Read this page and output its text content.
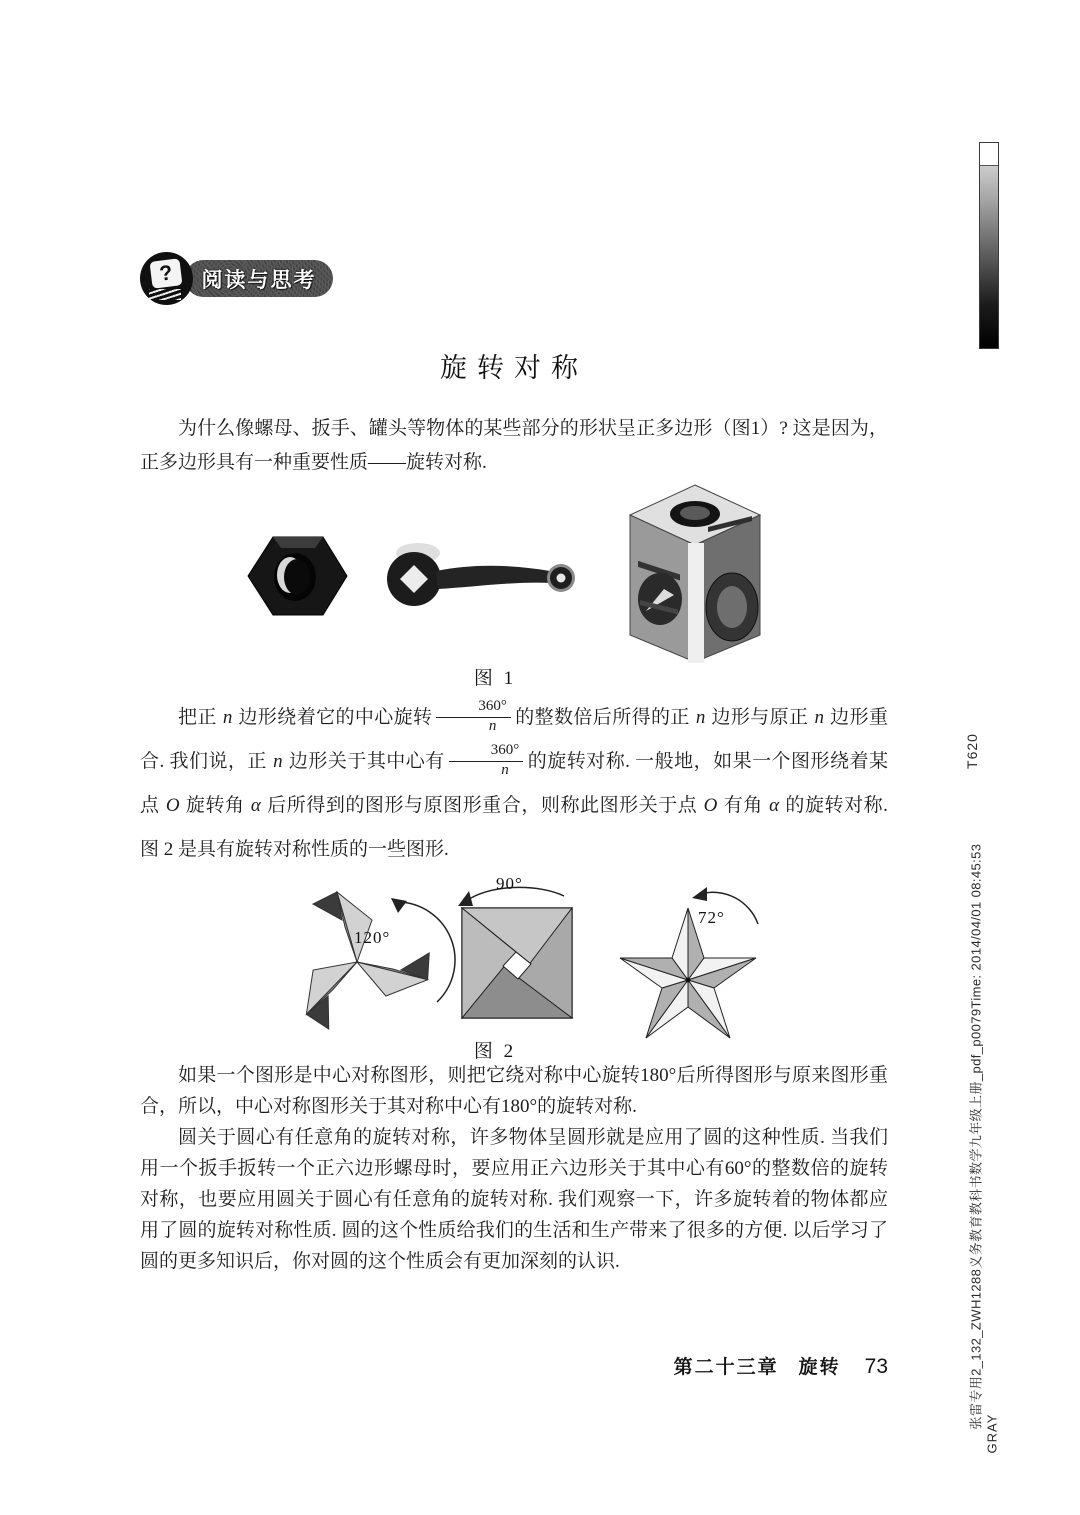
? 阅读与思考
旋转对称

为什么像螺母、扳手、罐头等物体的某些部分的形状呈正多边形（图1）? 这是因为，正多边形具有一种重要性质——旋转对称.

图 1

把正 n 边形绕着它的中心旋转 $\frac{360^\circ}{n}$ 的整数倍后所得的正 n 边形与原正 n 边形重合. 我们说，正 n 边形关于其中心有 $\frac{360^\circ}{n}$ 的旋转对称. 一般地，如果一个图形绕着某点 O 旋转角 α 后所得到的图形与原图形重合，则称此图形关于点 O 有角 α 的旋转对称. 图 2 是具有旋转对称性质的一些图形.

120°
90°
72°
图 2

如果一个图形是中心对称图形，则把它绕对称中心旋转180°后所得图形与原来图形重合，所以，中心对称图形关于其对称中心有180°的旋转对称.

圆关于圆心有任意角的旋转对称，许多物体呈圆形就是应用了圆的这种性质. 当我们用一个扳手扳转一个正六边形螺母时，要应用正六边形关于其中心有60°的整数倍的旋转对称，也要应用圆关于圆心有任意角的旋转对称. 我们观察一下，许多旋转着的物体都应用了圆的旋转对称性质. 圆的这个性质给我们的生活和生产带来了很多的方便. 以后学习了圆的更多知识后，你对圆的这个性质会有更加深刻的认识.

第二十三章 旋转 73
T620
张雷专用2_132_ZWH1288义务教育教科书数学九年级上册_pdf_p0079Time: 2014/04/01 08:45:53
GRAY
